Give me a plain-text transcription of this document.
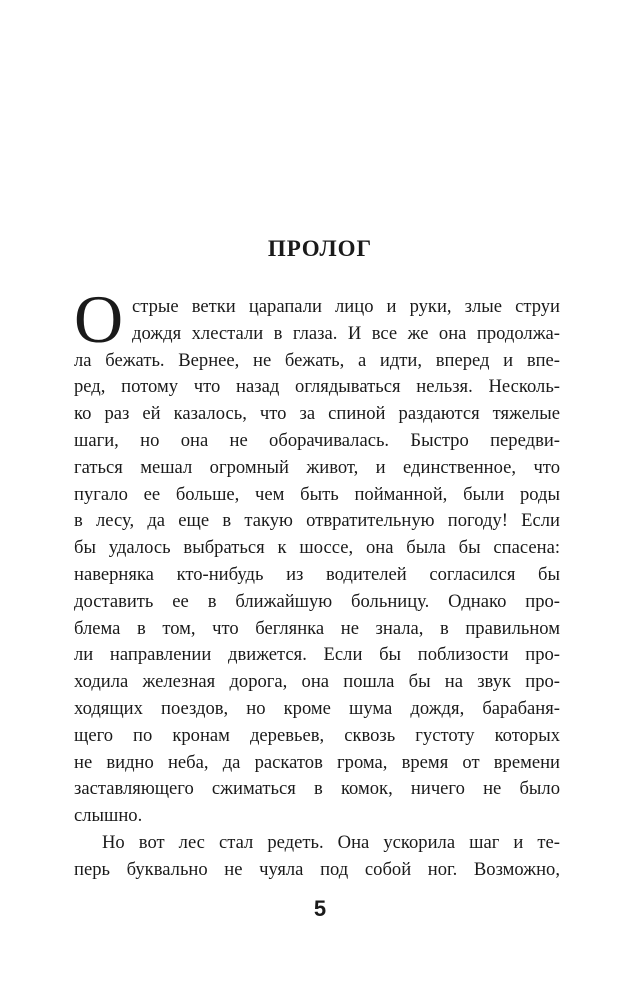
ПРОЛОГ
О стрые ветки царапали лицо и руки, злые струи
дождя хлестали в глаза. И все же она продолжа-
ла бежать. Вернее, не бежать, а идти, вперед и впе-
ред, потому что назад оглядываться нельзя. Несколь-
ко раз ей казалось, что за спиной раздаются тяжелые
шаги, но она не оборачивалась. Быстро передви-
гаться мешал огромный живот, и единственное, что
пугало ее больше, чем быть пойманной, были роды
в лесу, да еще в такую отвратительную погоду! Если
бы удалось выбраться к шоссе, она была бы спасена:
наверняка кто-нибудь из водителей согласился бы
доставить ее в ближайшую больницу. Однако про-
блема в том, что беглянка не знала, в правильном
ли направлении движется. Если бы поблизости про-
ходила железная дорога, она пошла бы на звук про-
ходящих поездов, но кроме шума дождя, барабаня-
щего по кронам деревьев, сквозь густоту которых
не видно неба, да раскатов грома, время от времени
заставляющего сжиматься в комок, ничего не было
слышно.
Но вот лес стал редеть. Она ускорила шаг и те-
перь буквально не чуяла под собой ног. Возможно,
5
